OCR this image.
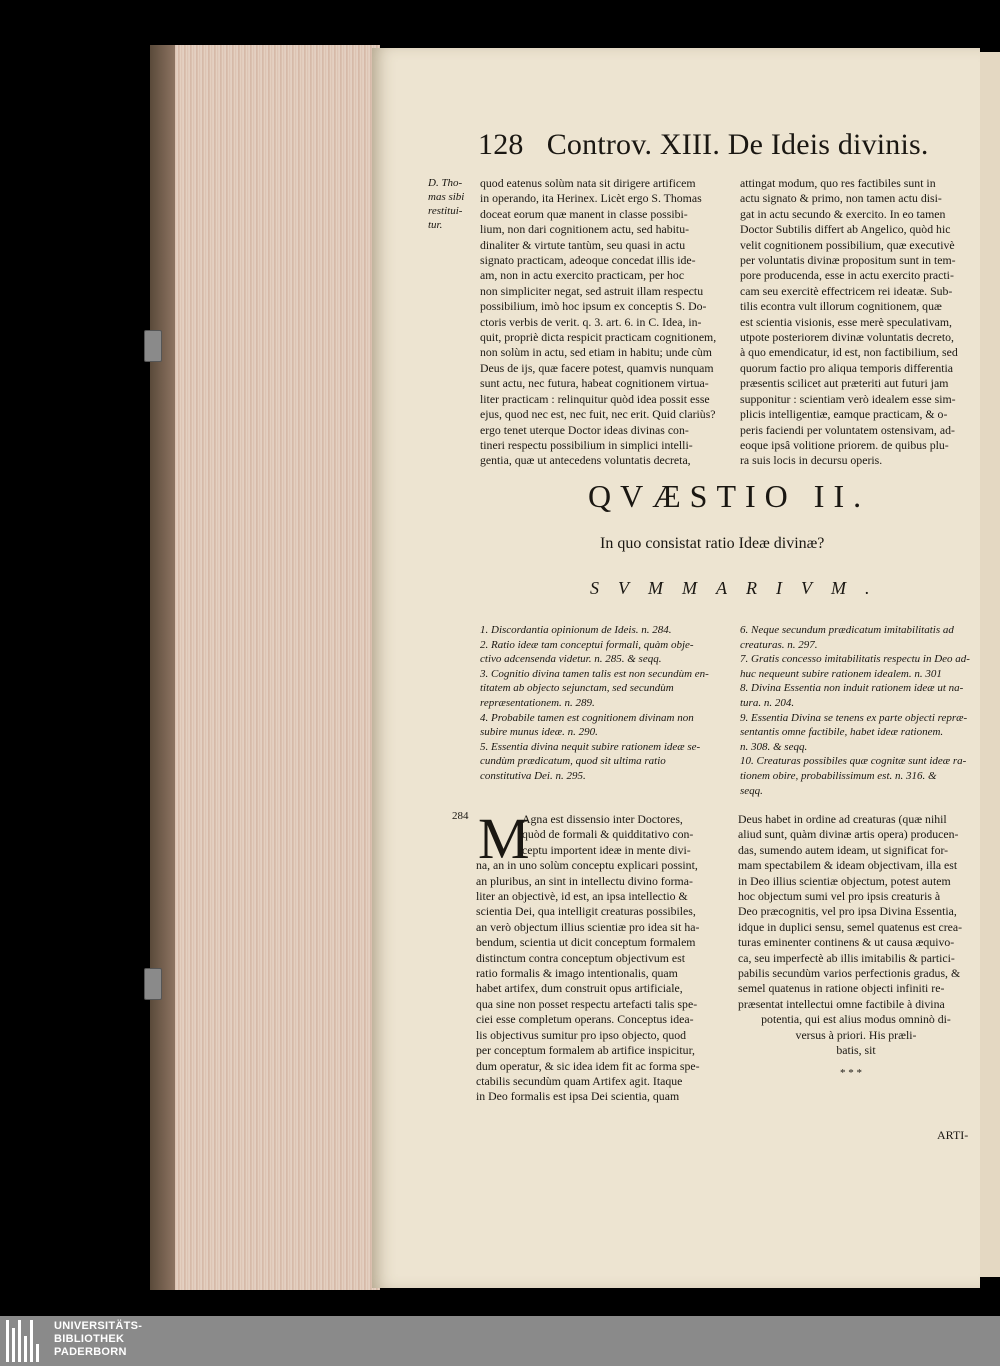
128 Controv. XIII. De Ideis divinis.
D. Tho-
mas sibi
restitui-
tur.
quod eatenus solùm nata sit dirigere artificem
in operando, ita Herinex. Licèt ergo S. Thomas
doceat eorum quæ manent in classe possibi-
lium, non dari cognitionem actu, sed habitu-
dinaliter & virtute tantùm, seu quasi in actu
signato practicam, adeoque concedat illis ide-
am, non in actu exercito practicam, per hoc
non simpliciter negat, sed astruit illam respectu
possibilium, imò hoc ipsum ex conceptis S. Do-
ctoris verbis de verit. q. 3. art. 6. in C. Idea, in-
quit, propriè dicta respicit practicam cognitionem,
non solùm in actu, sed etiam in habitu; unde cùm
Deus de ijs, quæ facere potest, quamvis nunquam
sunt actu, nec futura, habeat cognitionem virtua-
liter practicam : relinquitur quòd idea possit esse
ejus, quod nec est, nec fuit, nec erit. Quid clariùs?
ergo tenet uterque Doctor ideas divinas con-
tineri respectu possibilium in simplici intelli-
gentia, quæ ut antecedens voluntatis decreta,
attingat modum, quo res factibiles sunt in
actu signato & primo, non tamen actu disi-
gat in actu secundo & exercito. In eo tamen
Doctor Subtilis differt ab Angelico, quòd hic
velit cognitionem possibilium, quæ executivè
per voluntatis divinæ propositum sunt in tem-
pore producenda, esse in actu exercito practi-
cam seu exercitè effectricem rei ideatæ. Sub-
tilis econtra vult illorum cognitionem, quæ
est scientia visionis, esse merè speculativam,
utpote posteriorem divinæ voluntatis decreto,
à quo emendicatur, id est, non factibilium, sed
quorum factio pro aliqua temporis differentia
præsentis scilicet aut præteriti aut futuri jam
supponitur : scientiam verò idealem esse sim-
plicis intelligentiæ, eamque practicam, & o-
peris faciendi per voluntatem ostensivam, ad-
eoque ipsâ volitione priorem. de quibus plu-
ra suis locis in decursu operis.
QVÆSTIO II.
In quo consistat ratio Ideæ divinæ?
SVMMARIVM.
1. Discordantia opinionum de Ideis. n. 284.
2. Ratio ideæ tam conceptui formali, quàm obje-
ctivo adcensenda videtur. n. 285. & seqq.
3. Cognitio divina tamen talis est non secundùm en-
titatem ab objecto sejunctam, sed secundùm
repræsentationem. n. 289.
4. Probabile tamen est cognitionem divinam non
subire munus ideæ. n. 290.
5. Essentia divina nequit subire rationem ideæ se-
cundùm prædicatum, quod sit ultima ratio
constitutiva Dei. n. 295.
6. Neque secundum prædicatum imitabilitatis ad
creaturas. n. 297.
7. Gratis concesso imitabilitatis respectu in Deo ad-
huc nequeunt subire rationem idealem. n. 301
8. Divina Essentia non induit rationem ideæ ut na-
tura. n. 204.
9. Essentia Divina se tenens ex parte objecti repræ-
sentantis omne factibile, habet ideæ rationem.
n. 308. & seqq.
10. Creaturas possibiles quæ cognitæ sunt ideæ ra-
tionem obire, probabilissimum est. n. 316. &
seqq.
284 M
Agna est dissensio inter Doctores,
quòd de formali & quidditativo con-
ceptu importent ideæ in mente divi-
na, an in uno solùm conceptu explicari possint,
an pluribus, an sint in intellectu divino forma-
liter an objectivè, id est, an ipsa intellectio &
scientia Dei, qua intelligit creaturas possibiles,
an verò objectum illius scientiæ pro idea sit ha-
bendum, scientia ut dicit conceptum formalem
distinctum contra conceptum objectivum est
ratio formalis & imago intentionalis, quam
habet artifex, dum construit opus artificiale,
qua sine non posset respectu artefacti talis spe-
ciei esse completum operans. Conceptus idea-
lis objectivus sumitur pro ipso objecto, quod
per conceptum formalem ab artifice inspicitur,
dum operatur, & sic idea idem fit ac forma spe-
ctabilis secundùm quam Artifex agit. Itaque
in Deo formalis est ipsa Dei scientia, quam
Deus habet in ordine ad creaturas (quæ nihil
aliud sunt, quàm divinæ artis opera) producen-
das, sumendo autem ideam, ut significat for-
mam spectabilem & ideam objectivam, illa est
in Deo illius scientiæ objectum, potest autem
hoc objectum sumi vel pro ipsis creaturis à
Deo præcognitis, vel pro ipsa Divina Essentia,
idque in duplici sensu, semel quatenus est crea-
turas eminenter continens & ut causa æquivo-
ca, seu imperfectè ab illis imitabilis & partici-
pabilis secundùm varios perfectionis gradus, &
semel quatenus in ratione objecti infiniti re-
præsentat intellectui omne factibile à divina
potentia, qui est alius modus omninò di-
versus à priori. His præli-
batis, sit
* * *
ARTI-
UNIVERSITÄTS-
BIBLIOTHEK
PADERBORN
